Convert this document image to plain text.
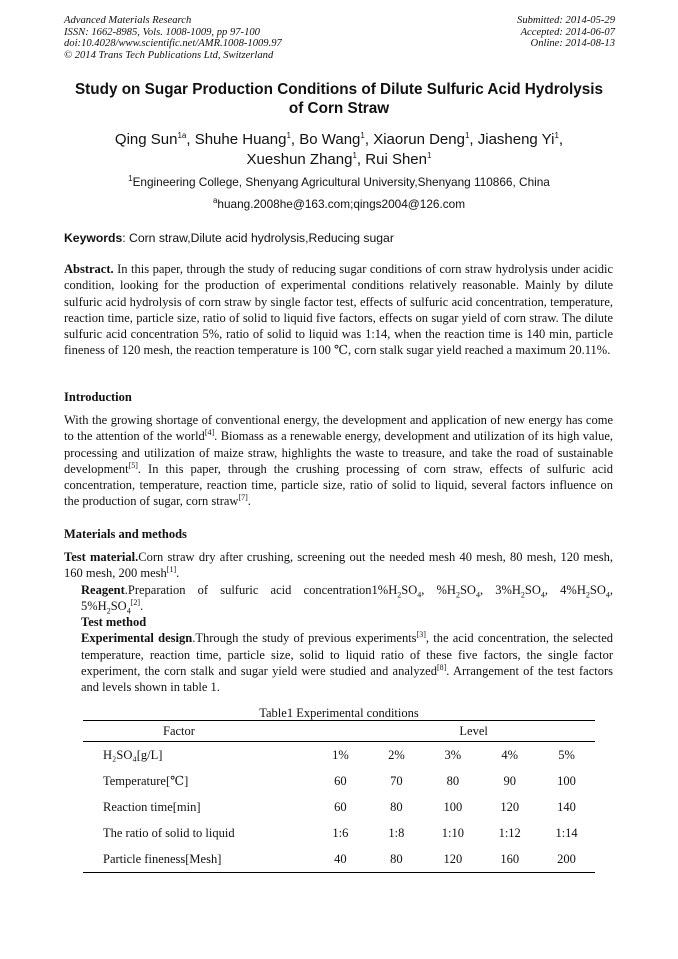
Advanced Materials Research
ISSN: 1662-8985, Vols. 1008-1009, pp 97-100
doi:10.4028/www.scientific.net/AMR.1008-1009.97
© 2014 Trans Tech Publications Ltd, Switzerland
Submitted: 2014-05-29
Accepted: 2014-06-07
Online: 2014-08-13
Study on Sugar Production Conditions of Dilute Sulfuric Acid Hydrolysis
of Corn Straw
Qing Sun$^{1a}$, Shuhe Huang$^1$, Bo Wang$^1$, Xiaorun Deng$^1$, Jiasheng Yi$^1$,
Xueshun Zhang$^1$, Rui Shen$^1$
$^1$Engineering College, Shenyang Agricultural University,Shenyang 110866, China
$^a$huang.2008he@163.com;qings2004@126.com
Keywords: Corn straw,Dilute acid hydrolysis,Reducing sugar
Abstract. In this paper, through the study of reducing sugar conditions of corn straw hydrolysis under acidic condition, looking for the production of experimental conditions relatively reasonable. Mainly by dilute sulfuric acid hydrolysis of corn straw by single factor test, effects of sulfuric acid concentration, temperature, reaction time, particle size, ratio of solid to liquid five factors, effects on sugar yield of corn straw. The dilute sulfuric acid concentration 5%, ratio of solid to liquid was 1:14, when the reaction time is 140 min, particle fineness of 120 mesh, the reaction temperature is 100 ℃, corn stalk sugar yield reached a maximum 20.11%.
Introduction
With the growing shortage of conventional energy, the development and application of new energy has come to the attention of the world[4]. Biomass as a renewable energy, development and utilization of its high value, processing and utilization of maize straw, highlights the waste to treasure, and take the road of sustainable development[5]. In this paper, through the crushing processing of corn straw, effects of sulfuric acid concentration, temperature, reaction time, particle size, ratio of solid to liquid, several factors influence on the production of sugar, corn straw[7].
Materials and methods
Test material.Corn straw dry after crushing, screening out the needed mesh 40 mesh, 80 mesh, 120 mesh, 160 mesh, 200 mesh[1].
Reagent.Preparation of sulfuric acid $concentration1\%H_2SO_4$, $\%H_2SO_4$, $3\%H_2SO_4$, $4\%H_2SO_4$, $5\%H_2SO_4[2]$.
Test method
Experimental design.Through the study of previous experiments[3], the acid concentration, the selected temperature, reaction time, particle size, solid to liquid ratio of these five factors, the single factor experiment, the corn stalk and sugar yield were studied and analyzed[8]. Arrangement of the test factors and levels shown in table 1.
Table1 Experimental conditions
Factor	Level				
H₂SO₄[g/L]	1%	2%	3%	4%	5%
Temperature[℃]	60	70	80	90	100
Reaction time[min]	60	80	100	120	140
The ratio of solid to liquid	1:6	1:8	1:10	1:12	1:14
Particle fineness[Mesh]	40	80	120	160	200
